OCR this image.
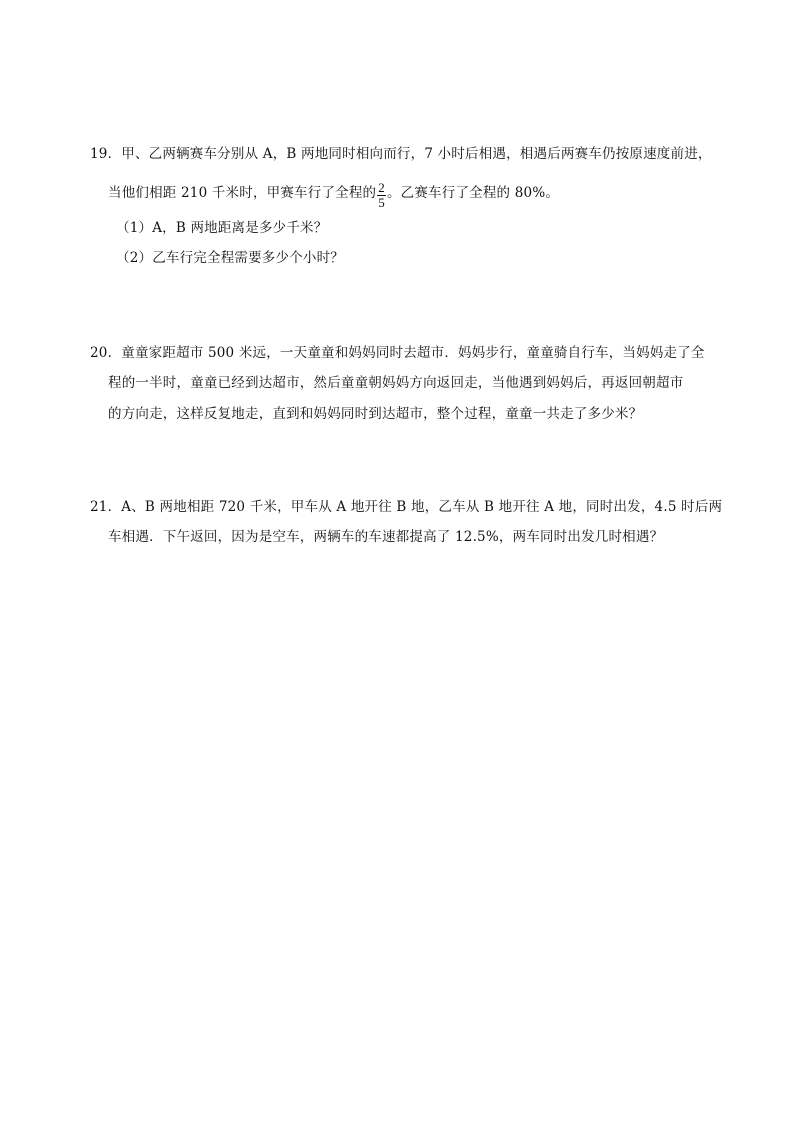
19．甲、乙两辆赛车分别从 A，B 两地同时相向而行，7 小时后相遇，相遇后两赛车仍按原速度前进，
当他们相距 210 千米时，甲赛车行了全程的 $\frac{2}{5}$ 。乙赛车行了全程的 80%。
（1）A，B 两地距离是多少千米？
（2）乙车行完全程需要多少个小时？
20．童童家距超市 500 米远，一天童童和妈妈同时去超市．妈妈步行，童童骑自行车，当妈妈走了全
程的一半时，童童已经到达超市，然后童童朝妈妈方向返回走，当他遇到妈妈后，再返回朝超市
的方向走，这样反复地走，直到和妈妈同时到达超市，整个过程，童童一共走了多少米？
21．A、B 两地相距 720 千米，甲车从 A 地开往 B 地，乙车从 B 地开往 A 地，同时出发，4.5 时后两
车相遇．下午返回，因为是空车，两辆车的车速都提高了 12.5%，两车同时出发几时相遇？
